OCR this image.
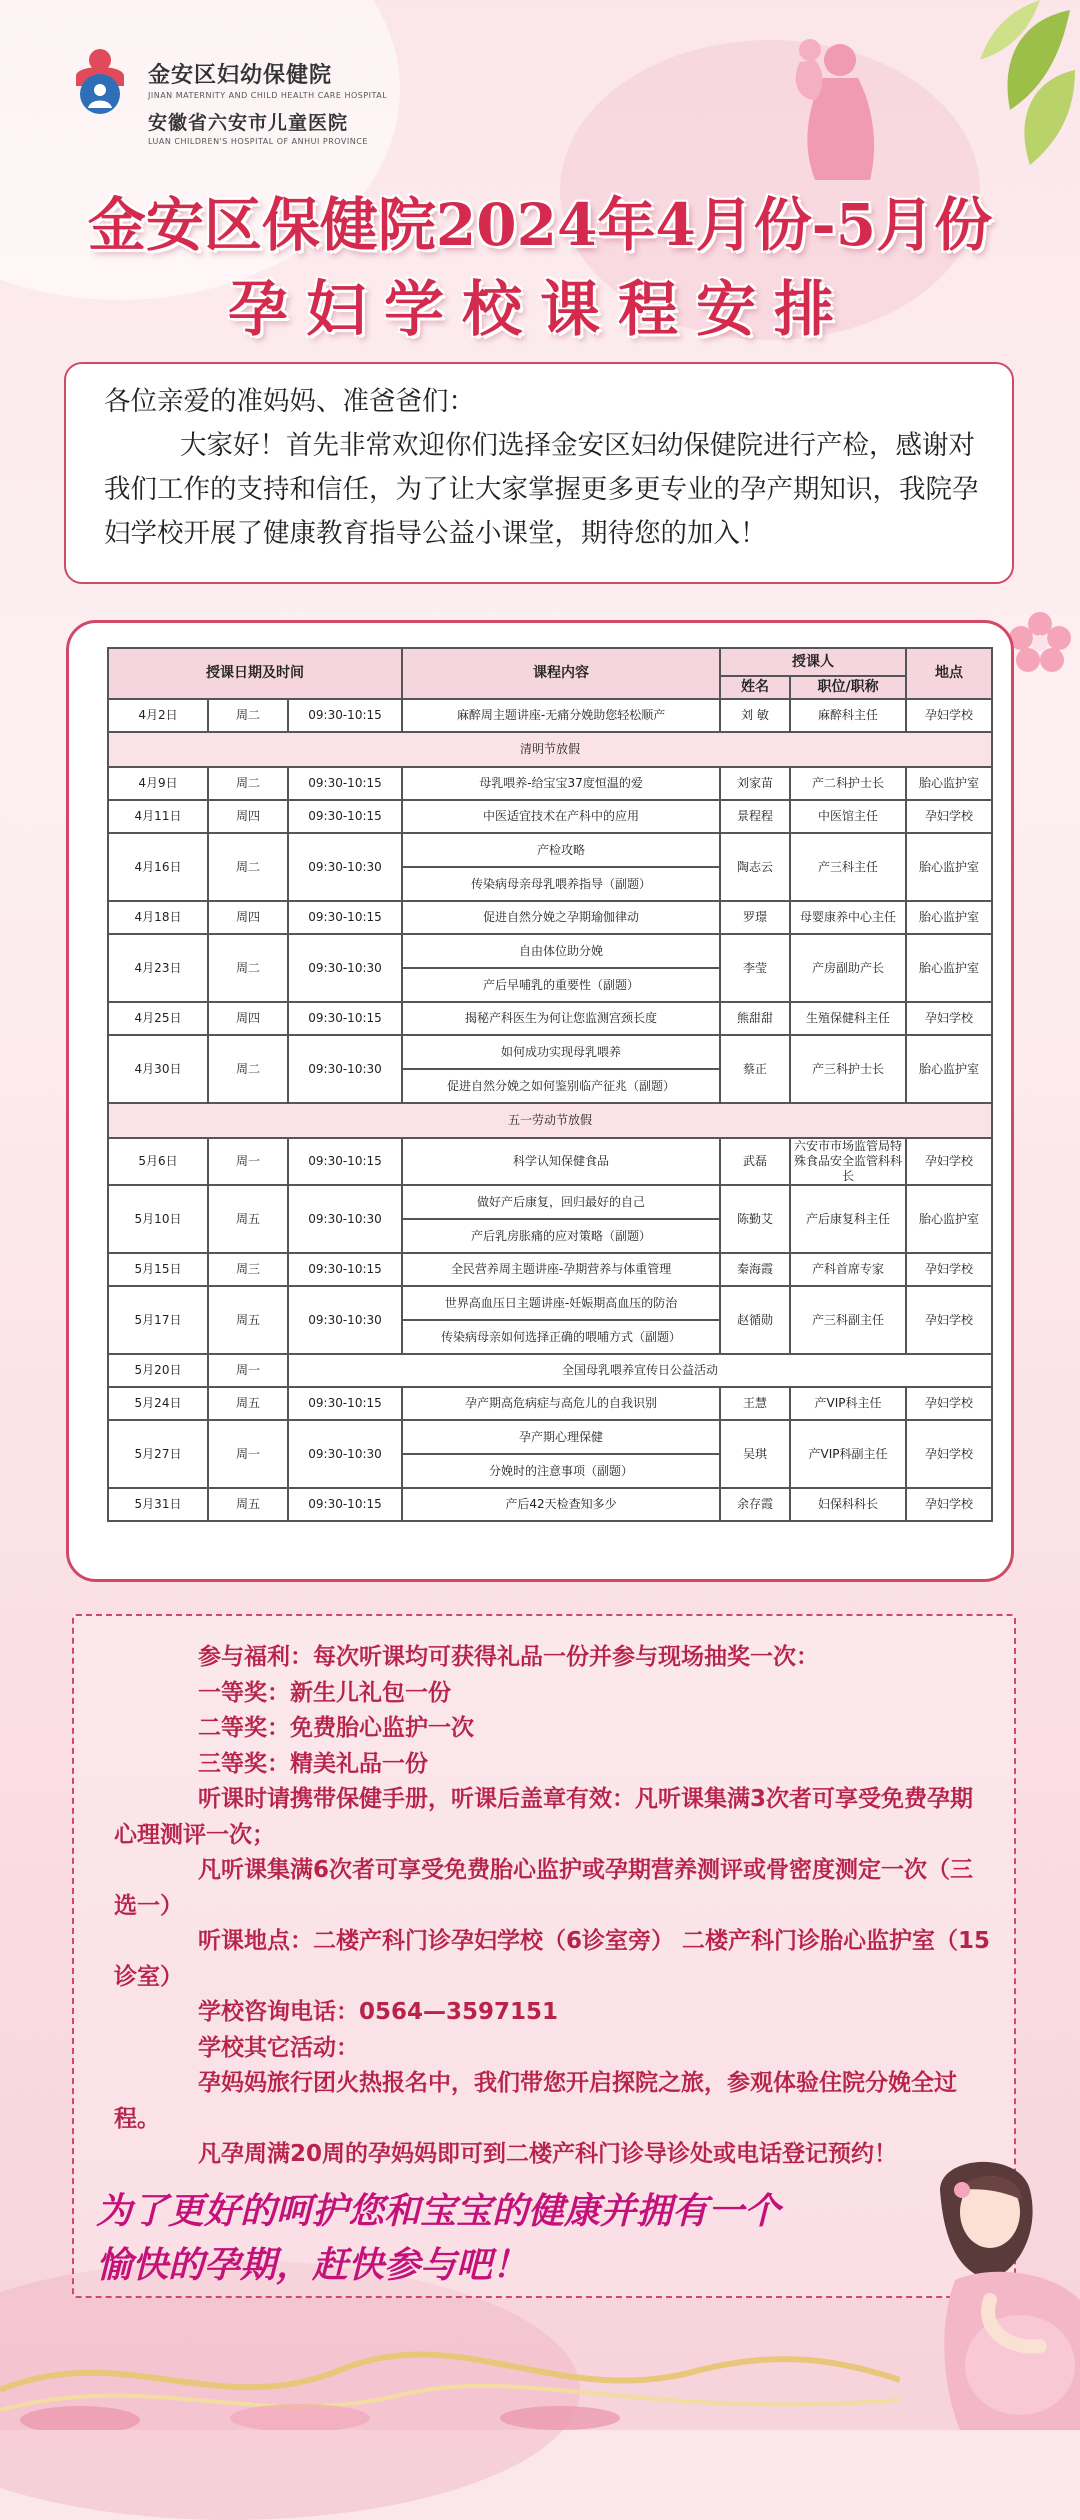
金安区妇幼保健院
JINAN MATERNITY AND CHILD HEALTH CARE HOSPITAL
安徽省六安市儿童医院
LUAN CHILDREN'S HOSPITAL OF ANHUI PROVINCE
金安区保健院2024年4月份-5月份
孕妇学校课程安排
各位亲爱的准妈妈、准爸爸们：
大家好！首先非常欢迎你们选择金安区妇幼保健院进行产检，感谢对我们工作的支持和信任，为了让大家掌握更多更专业的孕产期知识，我院孕妇学校开展了健康教育指导公益小课堂，期待您的加入！
授课日期及时间			课程内容	授课人		地点
				姓名	职位/职称	
4月2日	周二	09:30-10:15	麻醉周主题讲座-无痛分娩助您轻松顺产	刘 敏	麻醉科主任	孕妇学校
清明节放假						
4月9日	周二	09:30-10:15	母乳喂养-给宝宝37度恒温的爱	刘家苗	产二科护士长	胎心监护室
4月11日	周四	09:30-10:15	中医适宜技术在产科中的应用	景程程	中医馆主任	孕妇学校
4月16日	周二	09:30-10:30	产检攻略	陶志云	产三科主任	胎心监护室
			传染病母亲母乳喂养指导（副题）			
4月18日	周四	09:30-10:15	促进自然分娩之孕期瑜伽律动	罗璟	母婴康养中心主任	胎心监护室
4月23日	周二	09:30-10:30	自由体位助分娩	李莹	产房副助产长	胎心监护室
			产后早哺乳的重要性（副题）			
4月25日	周四	09:30-10:15	揭秘产科医生为何让您监测宫颈长度	熊甜甜	生殖保健科主任	孕妇学校
4月30日	周二	09:30-10:30	如何成功实现母乳喂养	蔡正	产三科护士长	胎心监护室
			促进自然分娩之如何鉴别临产征兆（副题）			
五一劳动节放假						
5月6日	周一	09:30-10:15	科学认知保健食品	武磊	六安市市场监管局特殊食品安全监管科科长	孕妇学校
5月10日	周五	09:30-10:30	做好产后康复，回归最好的自己	陈勤艾	产后康复科主任	胎心监护室
			产后乳房胀痛的应对策略（副题）			
5月15日	周三	09:30-10:15	全民营养周主题讲座-孕期营养与体重管理	秦海霞	产科首席专家	孕妇学校
5月17日	周五	09:30-10:30	世界高血压日主题讲座-妊娠期高血压的防治	赵循勋	产三科副主任	孕妇学校
			传染病母亲如何选择正确的喂哺方式（副题）			
5月20日	周一	全国母乳喂养宣传日公益活动				
5月24日	周五	09:30-10:15	孕产期高危病症与高危儿的自我识别	王慧	产VIP科主任	孕妇学校
5月27日	周一	09:30-10:30	孕产期心理保健	吴琪	产VIP科副主任	孕妇学校
			分娩时的注意事项（副题）			
5月31日	周五	09:30-10:15	产后42天检查知多少	余存霞	妇保科科长	孕妇学校
参与福利：每次听课均可获得礼品一份并参与现场抽奖一次：
一等奖：新生儿礼包一份
二等奖：免费胎心监护一次
三等奖：精美礼品一份
听课时请携带保健手册，听课后盖章有效：凡听课集满3次者可享受免费孕期心理测评一次；
凡听课集满6次者可享受免费胎心监护或孕期营养测评或骨密度测定一次（三选一）
听课地点：二楼产科门诊孕妇学校（6诊室旁） 二楼产科门诊胎心监护室（15诊室）
学校咨询电话：0564—3597151
学校其它活动：
孕妈妈旅行团火热报名中，我们带您开启探院之旅，参观体验住院分娩全过程。
凡孕周满20周的孕妈妈即可到二楼产科门诊导诊处或电话登记预约！
为了更好的呵护您和宝宝的健康并拥有一个
愉快的孕期，赶快参与吧！
